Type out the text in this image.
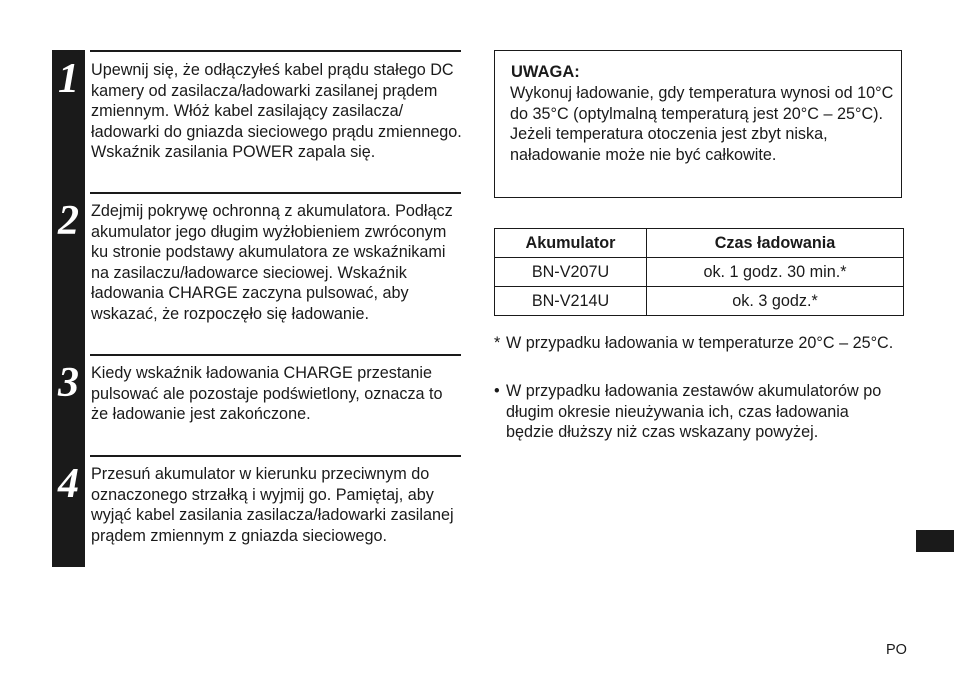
1 Upewnij się, że odłączyłeś kabel prądu stałego DC kamery od zasilacza/ładowarki zasilanej prądem zmiennym. Włóż kabel zasilający zasilacza/ładowarki do gniazda sieciowego prądu zmiennego. Wskaźnik zasilania POWER zapala się.

2 Zdejmij pokrywę ochronną z akumulatora. Podłącz akumulator jego długim wyżłobieniem zwróconym ku stronie podstawy akumulatora ze wskaźnikami na zasilaczu/ładowarce sieciowej. Wskaźnik ładowania CHARGE zaczyna pulsować, aby wskazać, że rozpoczęło się ładowanie.

3 Kiedy wskaźnik ładowania CHARGE przestanie pulsować ale pozostaje podświetlony, oznacza to że ładowanie jest zakończone.

4 Przesuń akumulator w kierunku przeciwnym do oznaczonego strzałką i wyjmij go. Pamiętaj, aby wyjąć kabel zasilania zasilacza/ładowarki zasilanej prądem zmiennym z gniazda sieciowego.

UWAGA:

Wykonuj ładowanie, gdy temperatura wynosi od 10°C do 35°C (optylmalną temperaturą jest 20°C – 25°C). Jeżeli temperatura otoczenia jest zbyt niska, naładowanie może nie być całkowite.

Akumulator	Czas ładowania
BN-V207U	ok. 1 godz. 30 min.*
BN-V214U	ok. 3 godz.*
* W przypadku ładowania w temperaturze 20°C – 25°C.
• W przypadku ładowania zestawów akumulatorów po długim okresie nieużywania ich, czas ładowania będzie dłuższy niż czas wskazany powyżej.
PO
